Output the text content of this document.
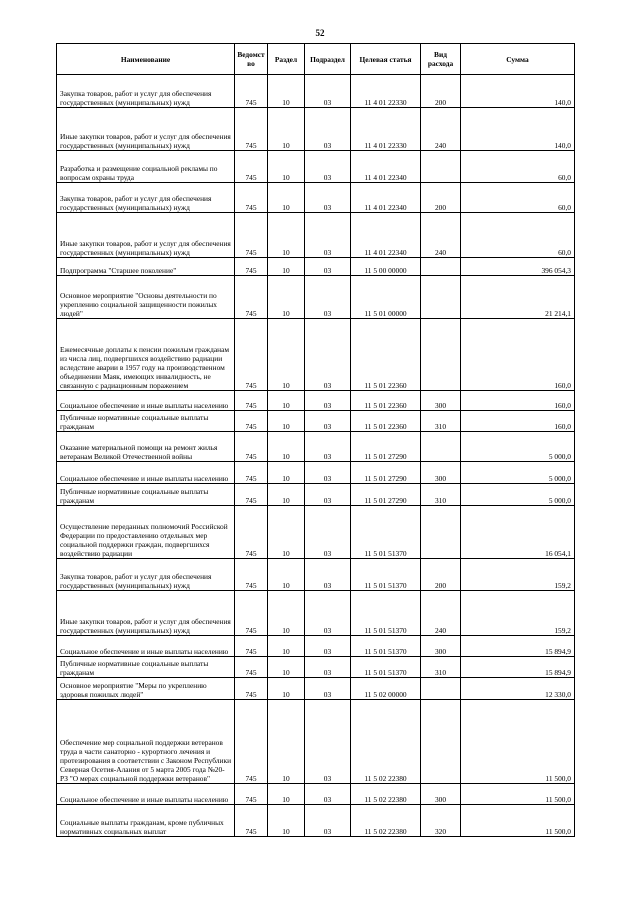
52
Наименование	Ведомст во	Раздел	Подраздел	Целевая статья	Вид расхода	Сумма
Закупка товаров, работ и услуг для обеспечения государственных (муниципальных) нужд	745	10	03	11 4 01 22330	200	140,0
Иные закупки товаров, работ и услуг для обеспечения государственных (муниципальных) нужд	745	10	03	11 4 01 22330	240	140,0
Разработка и размещение социальной рекламы по вопросам охраны труда	745	10	03	11 4 01 22340		60,0
Закупка товаров, работ и услуг для обеспечения государственных (муниципальных) нужд	745	10	03	11 4 01 22340	200	60,0
Иные закупки товаров, работ и услуг для обеспечения государственных (муниципальных) нужд	745	10	03	11 4 01 22340	240	60,0
Подпрограмма "Старшее поколение"	745	10	03	11 5 00 00000		396 054,3
Основное мероприятие "Основы деятельности по укреплению социальной защищенности пожилых людей"	745	10	03	11 5 01 00000		21 214,1
Ежемесячные доплаты к пенсии пожилым гражданам из числа лиц, подвергшихся воздействию радиации вследствие аварии в 1957 году на производственном объединении Маяк, имеющих инвалидность, не связанную с радиационным поражением	745	10	03	11 5 01 22360		160,0
Социальное обеспечение и иные выплаты населению	745	10	03	11 5 01 22360	300	160,0
Публичные нормативные социальные выплаты гражданам	745	10	03	11 5 01 22360	310	160,0
Оказание материальной помощи на ремонт жилья ветеранам Великой Отечественной войны	745	10	03	11 5 01 27290		5 000,0
Социальное обеспечение и иные выплаты населению	745	10	03	11 5 01 27290	300	5 000,0
Публичные нормативные социальные выплаты гражданам	745	10	03	11 5 01 27290	310	5 000,0
Осуществление переданных полномочий Российской Федерации по предоставлению отдельных мер социальной поддержки граждан, подвергшихся воздействию радиации	745	10	03	11 5 01 51370		16 054,1
Закупка товаров, работ и услуг для обеспечения государственных (муниципальных) нужд	745	10	03	11 5 01 51370	200	159,2
Иные закупки товаров, работ и услуг для обеспечения государственных (муниципальных) нужд	745	10	03	11 5 01 51370	240	159,2
Социальное обеспечение и иные выплаты населению	745	10	03	11 5 01 51370	300	15 894,9
Публичные нормативные социальные выплаты гражданам	745	10	03	11 5 01 51370	310	15 894,9
Основное мероприятие "Меры по укреплению здоровья пожилых людей"	745	10	03	11 5 02 00000		12 330,0
Обеспечение мер социальной поддержки ветеранов труда в части санаторно - курортного лечения и протезирования в соответствии с Законом Республики Северная Осетия-Алания от 5 марта 2005 года №20-РЗ "О мерах социальной поддержки ветеранов"	745	10	03	11 5 02 22380		11 500,0
Социальное обеспечение и иные выплаты населению	745	10	03	11 5 02 22380	300	11 500,0
Социальные выплаты гражданам, кроме публичных нормативных социальных выплат	745	10	03	11 5 02 22380	320	11 500,0
